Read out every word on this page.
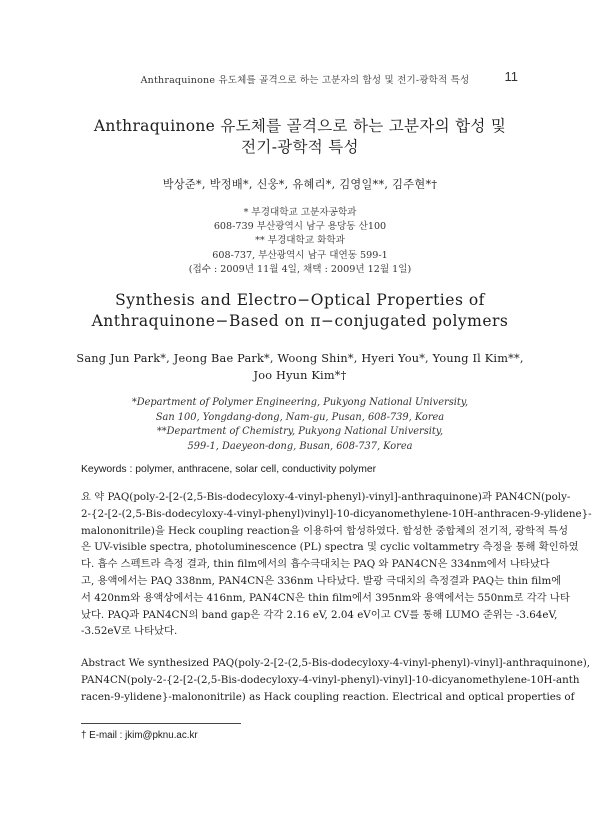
Anthraquinone 유도체를 골격으로 하는 고분자의 합성 및 전기-광학적 특성	11
Anthraquinone 유도체를 골격으로 하는 고분자의 합성 및
전기-광학적 특성
박상준*, 박정배*, 신웅*, 유혜리*, 김영일**, 김주현*†
* 부경대학교 고분자공학과
608-739 부산광역시 남구 용당동 산100
** 부경대학교 화학과
608-737, 부산광역시 남구 대연동 599-1
(접수 : 2009년 11월 4일, 채택 : 2009년 12월 1일)
Synthesis and Electro−Optical Properties of
Anthraquinone−Based on π−conjugated polymers
Sang Jun Park*, Jeong Bae Park*, Woong Shin*, Hyeri You*, Young Il Kim**,
Joo Hyun Kim*†
*Department of Polymer Engineering, Pukyong National University,
San 100, Yongdang-dong, Nam-gu, Pusan, 608-739, Korea
**Department of Chemistry, Pukyong National University,
599-1, Daeyeon-dong, Busan, 608-737, Korea
Keywords : polymer, anthracene, solar cell, conductivity polymer
요 약 PAQ(poly-2-[2-(2,5-Bis-dodecyloxy-4-vinyl-phenyl)-vinyl]-anthraquinone)과 PAN4CN(poly-
2-{2-[2-(2,5-Bis-dodecyloxy-4-vinyl-phenyl)vinyl]-10-dicyanomethylene-10H-anthracen-9-ylidene}-
malononitrile)을 Heck coupling reaction을 이용하여 합성하였다. 합성한 중합체의 전기적, 광학적 특성
은 UV-visible spectra, photoluminescence (PL) spectra 및 cyclic voltammetry 측정을 통해 확인하였
다. 흡수 스펙트라 측정 결과, thin film에서의 흡수극대치는 PAQ 와 PAN4CN은 334nm에서 나타났다
고, 용액에서는 PAQ 338nm, PAN4CN은 336nm 나타났다. 발광 극대치의 측정결과 PAQ는 thin film에
서 420nm와 용액상에서는 416nm, PAN4CN은 thin film에서 395nm와 용액에서는 550nm로 각각 나타
났다. PAQ과 PAN4CN의 band gap은 각각 2.16 eV, 2.04 eV이고 CV를 통해 LUMO 준위는 -3.64eV,
-3.52eV로 나타났다.
Abstract We synthesized PAQ(poly-2-[2-(2,5-Bis-dodecyloxy-4-vinyl-phenyl)-vinyl]-anthraquinone),
PAN4CN(poly-2-{2-[2-(2,5-Bis-dodecyloxy-4-vinyl-phenyl)-vinyl]-10-dicyanomethylene-10H-anth
racen-9-ylidene}-malononitrile) as Hack coupling reaction. Electrical and optical properties of
† E-mail : jkim@pknu.ac.kr
